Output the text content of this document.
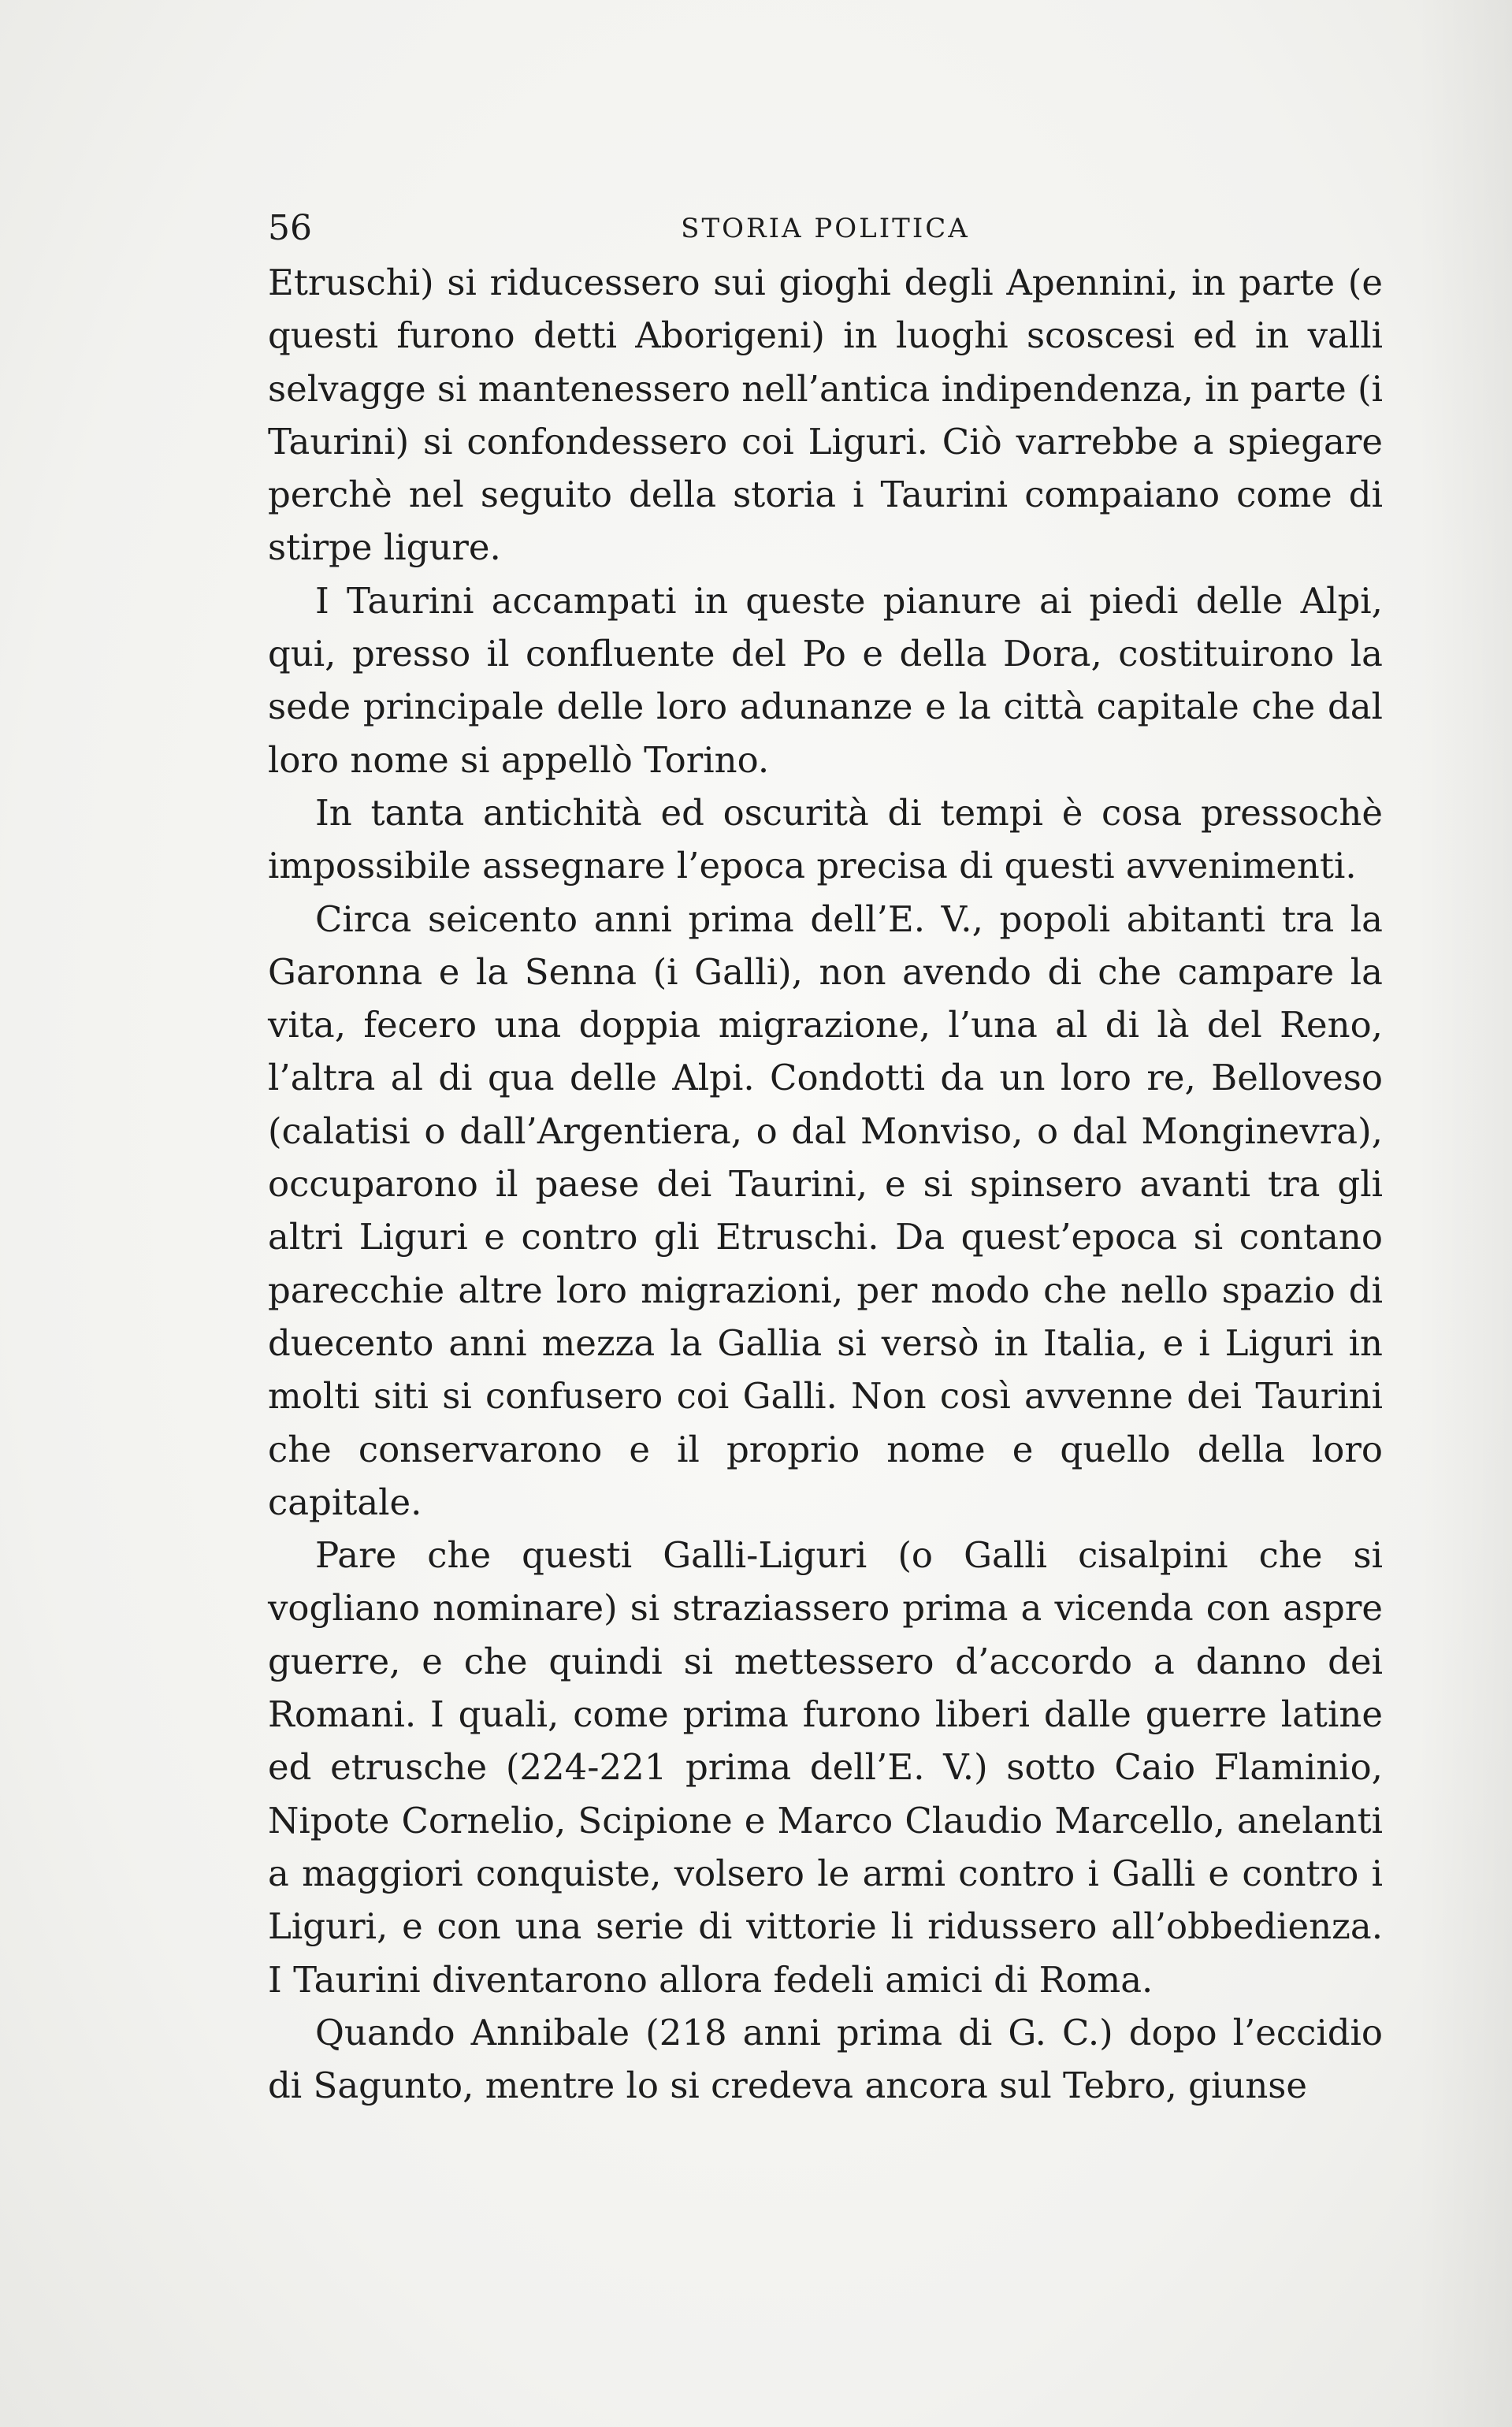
56	STORIA POLITICA

Etruschi) si riducessero sui gioghi degli Apennini, in parte (e questi furono detti Aborigeni) in luoghi scoscesi ed in valli selvagge si mantenessero nell’antica indipendenza, in parte (i Taurini) si confondessero coi Liguri. Ciò varrebbe a spiegare perchè nel seguito della storia i Taurini compaiano come di stirpe ligure.

I Taurini accampati in queste pianure ai piedi delle Alpi, qui, presso il confluente del Po e della Dora, costituirono la sede principale delle loro adunanze e la città capitale che dal loro nome si appellò Torino.

In tanta antichità ed oscurità di tempi è cosa pressochè impossibile assegnare l’epoca precisa di questi avvenimenti.

Circa seicento anni prima dell’E. V., popoli abitanti tra la Garonna e la Senna (i Galli), non avendo di che campare la vita, fecero una doppia migrazione, l’una al di là del Reno, l’altra al di qua delle Alpi. Condotti da un loro re, Belloveso (calatisi o dall’Argentiera, o dal Monviso, o dal Monginevra), occuparono il paese dei Taurini, e si spinsero avanti tra gli altri Liguri e contro gli Etruschi. Da quest’epoca si contano parecchie altre loro migrazioni, per modo che nello spazio di duecento anni mezza la Gallia si versò in Italia, e i Liguri in molti siti si confusero coi Galli. Non così avvenne dei Taurini che conservarono e il proprio nome e quello della loro capitale.

Pare che questi Galli-Liguri (o Galli cisalpini che si vogliano nominare) si straziassero prima a vicenda con aspre guerre, e che quindi si mettessero d’accordo a danno dei Romani. I quali, come prima furono liberi dalle guerre latine ed etrusche (224-221 prima dell’E. V.) sotto Caio Flaminio, Nipote Cornelio, Scipione e Marco Claudio Marcello, anelanti a maggiori conquiste, volsero le armi contro i Galli e contro i Liguri, e con una serie di vittorie li ridussero all’obbedienza. I Taurini diventarono allora fedeli amici di Roma.

Quando Annibale (218 anni prima di G. C.) dopo l’eccidio di Sagunto, mentre lo si credeva ancora sul Tebro, giunse
